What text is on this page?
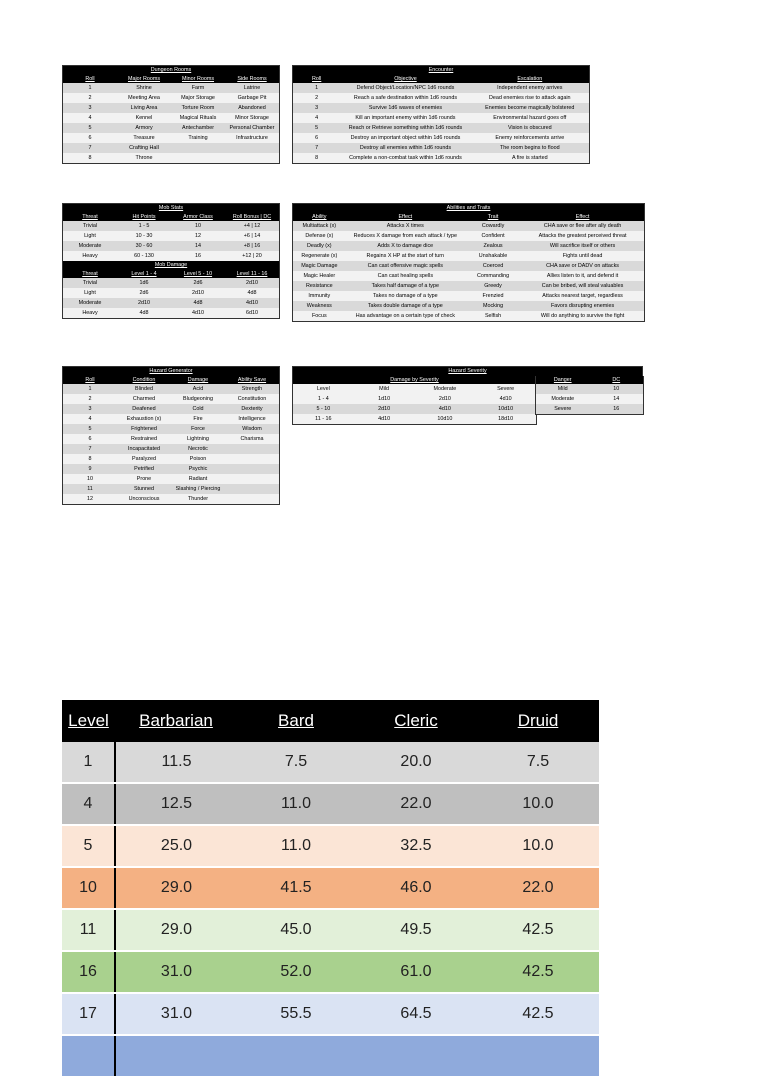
Dungeon Rooms			
Roll	Major Rooms	Minor Rooms	Side Rooms
1	Shrine	Farm	Latrine
2	Meeting Area	Major Storage	Garbage Pit
3	Living Area	Torture Room	Abandoned
4	Kennel	Magical Rituals	Minor Storage
5	Armory	Antechamber	Personal Chamber
6	Treasure	Training	Infrastructure
7	Crafting Hall		
8	Throne		
Encounter		
Roll	Objective	Escalation
1	Defend Object/Location/NPC 1d6 rounds	Independent enemy arrives
2	Reach a safe destination within 1d6 rounds	Dead enemies rise to attack again
3	Survive 1d6 waves of enemies	Enemies become magically bolstered
4	Kill an important enemy within 1d6 rounds	Environmental hazard goes off
5	Reach or Retrieve something within 1d6 rounds	Vision is obscured
6	Destroy an important object within 1d6 rounds	Enemy reinforcements arrive
7	Destroy all enemies within 1d6 rounds	The room begins to flood
8	Complete a non-combat task within 1d6 rounds	A fire is started
Mob Stats			
Threat	Hit Points	Armor Class	Roll Bonus | DC
Trivial	1 - 5	10	+4 | 12
Light	10 - 30	12	+6 | 14
Moderate	30 - 60	14	+8 | 16
Heavy	60 - 130	16	+12 | 20
Mob Damage			
Threat	Level 1 - 4	Level 5 - 10	Level 11 - 16
Trivial	1d6	2d6	2d10
Light	2d6	2d10	4d8
Moderate	2d10	4d8	4d10
Heavy	4d8	4d10	6d10
Abilities and Traits			
Ability	Effect	Trait	Effect
Multiattack (x)	Attacks X times	Cowardly	CHA save or flee after ally death
Defense (x)	Reduces X damage from each attack / type	Confident	Attacks the greatest perceived threat
Deadly (x)	Adds X to damage dice	Zealous	Will sacrifice itself or others
Regenerate (x)	Regains X HP at the start of turn	Unshakable	Fights until dead
Magic Damage	Can cast offensive magic spells	Coerced	CHA save or DADV on attacks
Magic Healer	Can cast healing spells	Commanding	Allies listen to it, and defend it
Resistance	Takes half damage of a type	Greedy	Can be bribed, will steal valuables
Immunity	Takes no damage of a type	Frenzied	Attacks nearest target, regardless
Weakness	Takes double damage of a type	Mocking	Favors disrupting enemies
Focus	Has advantage on a certain type of check	Selfish	Will do anything to survive the fight
Hazard Generator			
Roll	Condition	Damage	Ability Save
1	Blinded	Acid	Strength
2	Charmed	Bludgeoning	Constitution
3	Deafened	Cold	Dexterity
4	Exhaustion (x)	Fire	Intelligence
5	Frightened	Force	Wisdom
6	Restrained	Lightning	Charisma
7	Incapacitated	Necrotic	
8	Paralyzed	Poison	
9	Petrified	Psychic	
10	Prone	Radiant	
11	Stunned	Slashing / Piercing	
12	Unconscious	Thunder	
Hazard Severity
Damage by Severity			
Level	Mild	Moderate	Severe
1 - 4	1d10	2d10	4d10
5 - 10	2d10	4d10	10d10
11 - 16	4d10	10d10	18d10
Danger	DC
Mild	10
Moderate	14
Severe	16
Level	Barbarian	Bard	Cleric	Druid
1	11.5	7.5	20.0	7.5
4	12.5	11.0	22.0	10.0
5	25.0	11.0	32.5	10.0
10	29.0	41.5	46.0	22.0
11	29.0	45.0	49.5	42.5
16	31.0	52.0	61.0	42.5
17	31.0	55.5	64.5	42.5
